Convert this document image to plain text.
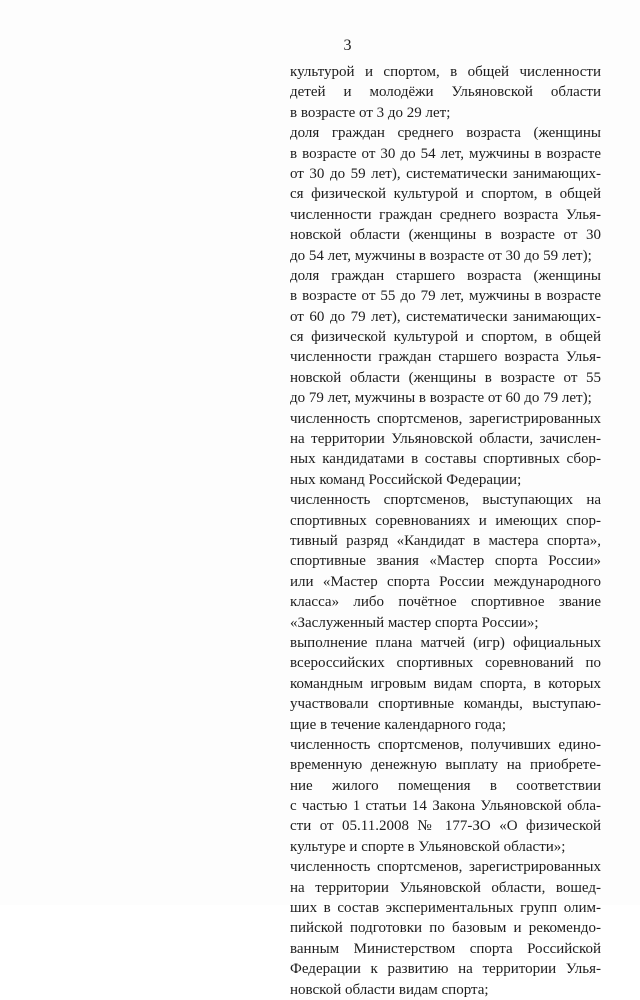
3
культурой и спортом, в общей численности
детей и молодёжи Ульяновской области
в возрасте от 3 до 29 лет;
доля граждан среднего возраста (женщины
в возрасте от 30 до 54 лет, мужчины в возрасте
от 30 до 59 лет), систематически занимающих-
ся физической культурой и спортом, в общей
численности граждан среднего возраста Улья-
новской области (женщины в возрасте от 30
до 54 лет, мужчины в возрасте от 30 до 59 лет);
доля граждан старшего возраста (женщины
в возрасте от 55 до 79 лет, мужчины в возрасте
от 60 до 79 лет), систематически занимающих-
ся физической культурой и спортом, в общей
численности граждан старшего возраста Улья-
новской области (женщины в возрасте от 55
до 79 лет, мужчины в возрасте от 60 до 79 лет);
численность спортсменов, зарегистрированных
на территории Ульяновской области, зачислен-
ных кандидатами в составы спортивных сбор-
ных команд Российской Федерации;
численность спортсменов, выступающих на
спортивных соревнованиях и имеющих спор-
тивный разряд «Кандидат в мастера спорта»,
спортивные звания «Мастер спорта России»
или «Мастер спорта России международного
класса» либо почётное спортивное звание
«Заслуженный мастер спорта России»;
выполнение плана матчей (игр) официальных
всероссийских спортивных соревнований по
командным игровым видам спорта, в которых
участвовали спортивные команды, выступаю-
щие в течение календарного года;
численность спортсменов, получивших едино-
временную денежную выплату на приобрете-
ние жилого помещения в соответствии
с частью 1 статьи 14 Закона Ульяновской обла-
сти от 05.11.2008 № 177-ЗО «О физической
культуре и спорте в Ульяновской области»;
численность спортсменов, зарегистрированных
на территории Ульяновской области, вошед-
ших в состав экспериментальных групп олим-
пийской подготовки по базовым и рекомендо-
ванным Министерством спорта Российской
Федерации к развитию на территории Улья-
новской области видам спорта;
